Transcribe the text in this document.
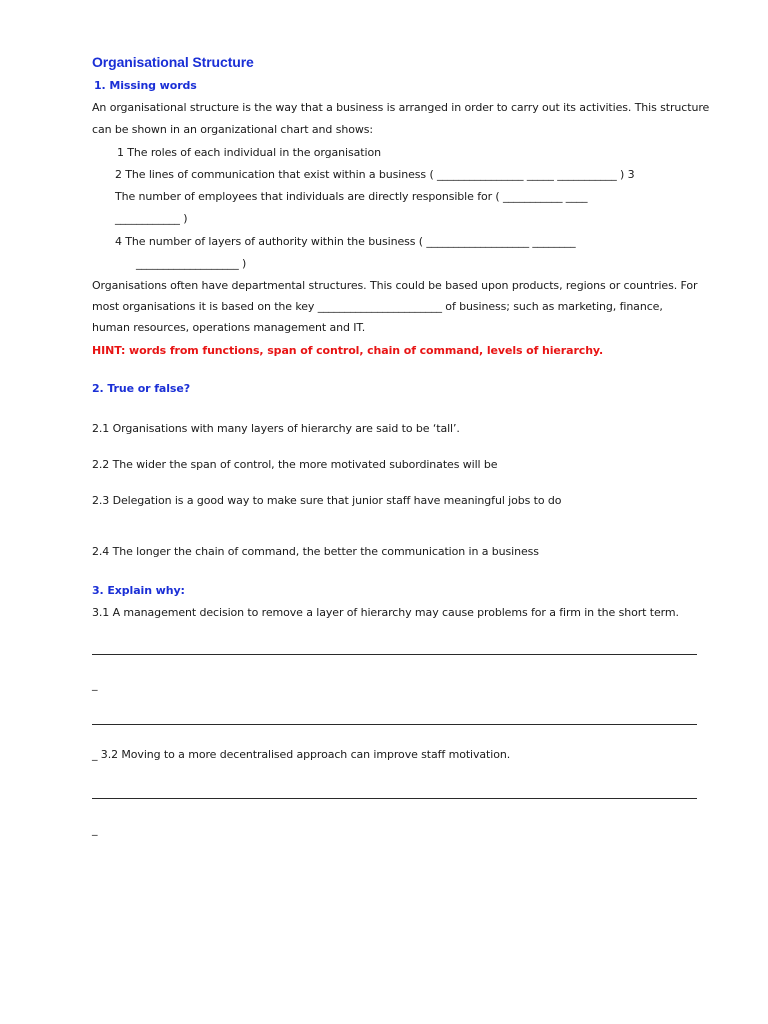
Organisational Structure
1. Missing words
An organisational structure is the way that a business is arranged in order to carry out its activities. This structure
can be shown in an organizational chart and shows:
1 The roles of each individual in the organisation
2 The lines of communication that exist within a business ( ________________ _____ ___________ ) 3
The number of employees that individuals are directly responsible for ( ___________ ____
____________ )
4 The number of layers of authority within the business ( ___________________ ________
___________________ )
Organisations often have departmental structures. This could be based upon products, regions or countries. For
most organisations it is based on the key _______________________ of business; such as marketing, finance,
human resources, operations management and IT.
HINT: words from functions, span of control, chain of command, levels of hierarchy.
2. True or false?
2.1 Organisations with many layers of hierarchy are said to be ‘tall’.
2.2 The wider the span of control, the more motivated subordinates will be
2.3 Delegation is a good way to make sure that junior staff have meaningful jobs to do
2.4 The longer the chain of command, the better the communication in a business
3. Explain why:
3.1 A management decision to remove a layer of hierarchy may cause problems for a firm in the short term.
_
_ 3.2 Moving to a more decentralised approach can improve staff motivation.
_
